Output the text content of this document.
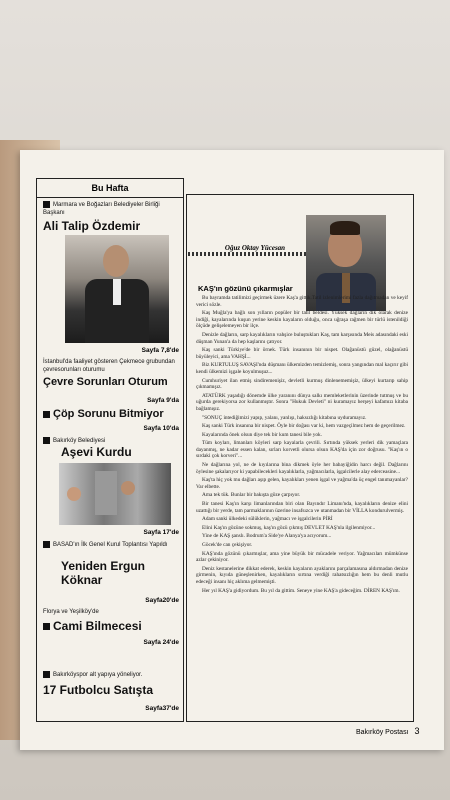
Bu Hafta
Marmara ve Boğazları Belediyeler Birliği Başkanı
Ali Talip Özdemir
Sayfa 7,8'de
İstanbul'da faaliyet gösteren Çekmece grubundan çevresorunları oturumu
Çevre Sorunları Oturum
Sayfa 9'da
Çöp Sorunu Bitmiyor
Sayfa 10'da
Bakırköy Belediyesi
Aşevi Kurdu
Sayfa 17'de
BASAD'ın İlk Genel Kurul Toplantısı Yapıldı
Yeniden Ergun Köknar
Sayfa20'de
Florya ve Yeşilköy'de
Cami Bilmecesi
Sayfa 24'de
Bakırköyspor alt yapıya yöneliyor.
17 Futbolcu Satışta
Sayfa37'de
Oğuz Oktay Yücesan
KAŞ'ın gözünü çıkarmışlar

Bu bayramda tatilimizi geçirmek üzere Kaş'a gittik.Tatil izlenimlerimi fazla dağıtmadan ve keyif verici sözle.

Kaş Muğla'ya bağlı son yılların popüler bir tatil beldesi. Yüksek dağların dik olarak denize indiği, kayalarında kuşun yerine keskin kayaların olduğu, onca uğraşa rağmen bir türlü istenildiği ölçüde gelişelemeyen bir ilçe.

Denizle dağların, sarp kayalıkların vahşice buluştukları Kaş, tam karşısında Meis adasındaki eski düşman Yunan'a da hep kaşlarını çatıyor.

Kaş sanki Türkiye'de bir örnek. Türk insanının bir nispet. Olağanüstü güzel, olağanüstü büyüleyici, ama VAHŞİ...

Biz KURTULUŞ SAVAŞI'nda düşmanı ülkemizden temizlemiş, sonra yangından mal kaçırır gibi kendi ülkemizi işgale koyulmuşuz...

Cumhuriyet ilan etmiş sindiremenişiz, devletli kurmuş dinlenememişiz, ülkeyi kurtarıp sahip çıkmamışız.

ATATÜRK yaşadığı dönemde ülke yaranını dünya salkı memleketlerinin üzerinde tutmuş ve bu uğurda gerekiyorsa zor kullanmıştır. Sonra "Hukuk Devleti" ni kuramayız herşeyi kafamızı kitaba bağlamışız.

"SONUÇ intediğimizi yapıp, yalanı, yanlışı, haksızlığı kitabına uyduramayız.

Kaş sanki Türk insanına bir nispet. Öyle bir doğası var ki, hem vazgeçilmez hem de geçerilmez.

Kayalarında önek olsun diye tek bir kum tanesi bile yok.

Tüm koyları, limanları köyleri sarp kayalarla çevrili. Sırtında yüksek yerleri dik yamaçlara dayanmış, ne kadar essen kalan, sırları korvetli olursa olsun KAŞ'da için zor doğrusu. "Kaş'ın o sırdaki çok korveri"...

Ne dağlarına yol, ne de kıyılarına bina dikmek öyle her babayiğidin harcı değil. Dağlarını öylesine şakalarıyor ki yapabilecekleri kayalıklarla, yağmacılarla, işgalcilerle alay ederceasine...

Kaş'ta hiç yok mu dağları aşıp gelen, kayalıkları yenen işgal ve yağma'da üç engel tanımayanlar? Var elbette.

Ama tek tük. Bunlar bir bakışta göze çarpıyor.

Bir tanesi Kaş'ın karşı limanlarından biri olan Bayındır Limanı'nda, kayalıkların denize elini uzattığı bir yerde, tam parmaklarının üzerine insafsızca ve utanmadan bir VİLLA kondurulvermiş.

Adam sanki ülkedeki sülüklerin, yağmacı ve işgalcilerin PİRİ

Elini Kaş'ın gözüne sokmuş, kaş'ın gözü çıkmış DEVLET KAŞ'nla ilgilenmiyor...

Yine de KAŞ şanslı. Bodrum'a Side'ye Alanya'ya acıyorum...

Göcek'de can çekişiyor.

KAŞ'ında gözünü çıkarmışlar, ama yine büyük bir mücadele veriyor. Yağmacıları mümkünse azlar çekiniyor.

Deniz kestanelerine dikkat ederek, keskin kayaların ayaklarını parçalamasına aldırmadan denize girmenin, kıyıda güneşlenirken, kayalıkların sırtına verdiği rahatsızlığın hem bu denli mutlu edeceği insanı hiç aklıma gelmemişti.

Her yıl KAŞ'a gidiyordum. Bu yıl da gittim. Seneye yine KAŞ'a gideceğim. DİREN KAŞ'ım.

Bakırköy Postası 3
